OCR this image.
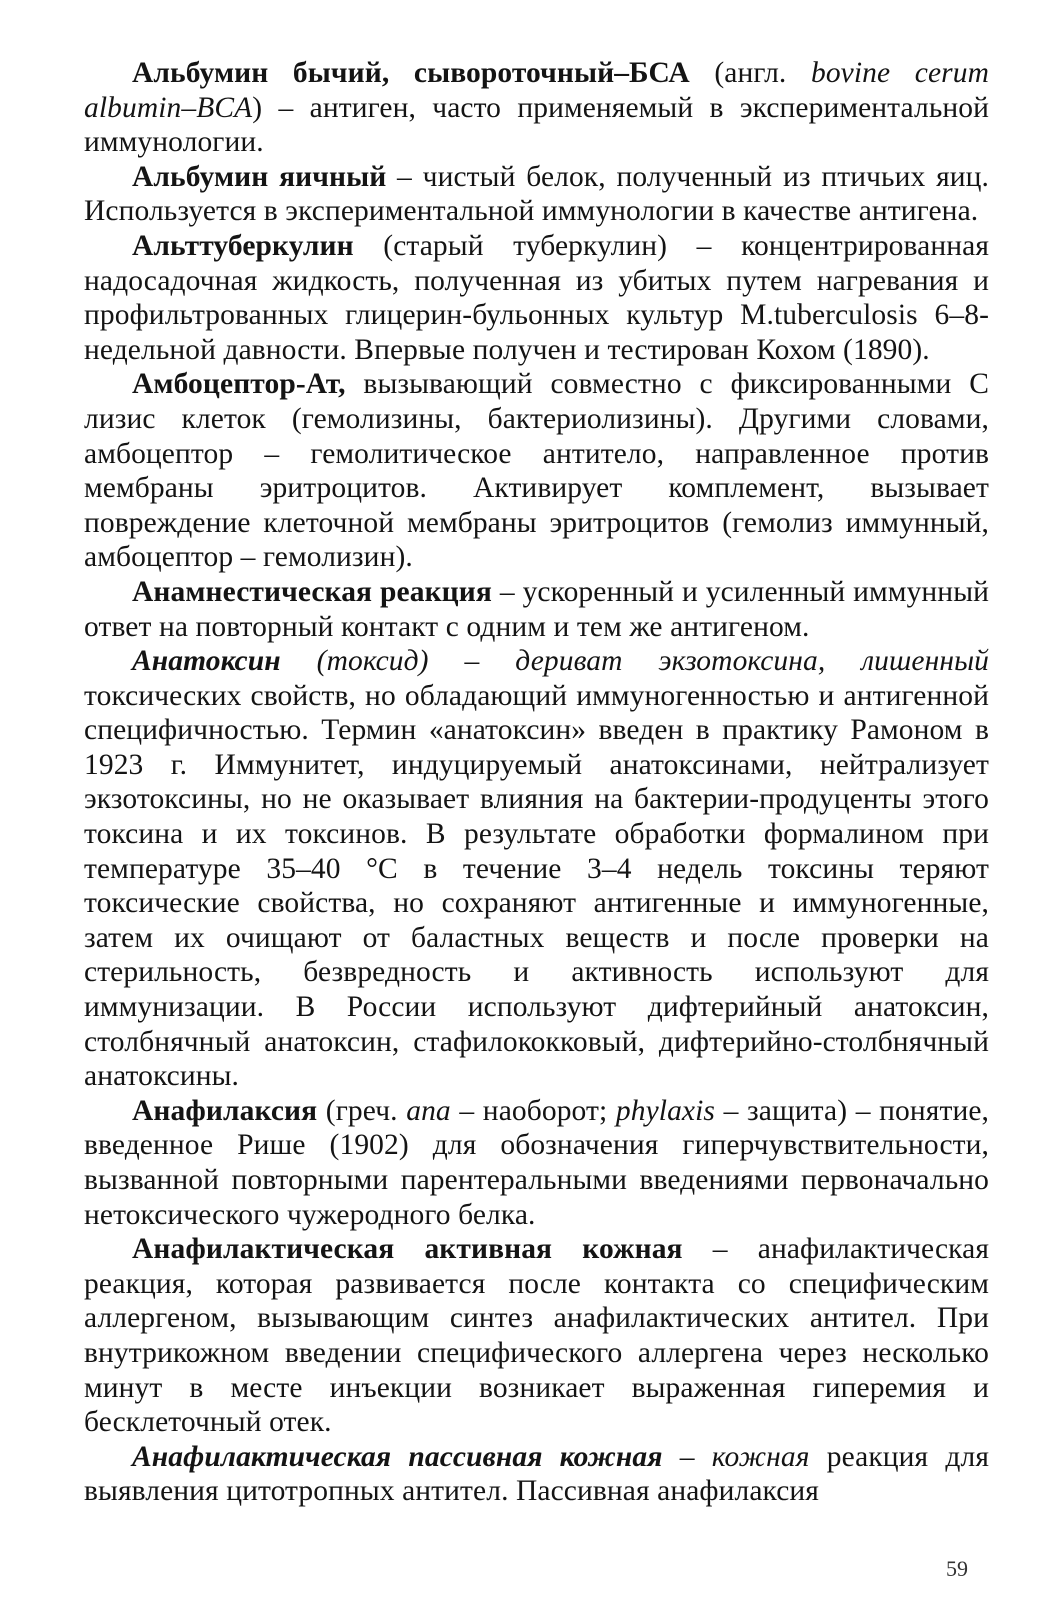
Альбумин бычий, сывороточный–БСА (англ. bovine cerum albumin–BCA) – антиген, часто применяемый в экспериментальной иммунологии.

Альбумин яичный – чистый белок, полученный из птичьих яиц. Используется в экспериментальной иммунологии в качестве антигена.

Альттуберкулин (старый туберкулин) – концентрированная надосадочная жидкость, полученная из убитых путем нагревания и профильтрованных глицерин-бульонных культур M.tuberculosis 6–8-недельной давности. Впервые получен и тестирован Кохом (1890).

Амбоцептор-Ат, вызывающий совместно с фиксированными C лизис клеток (гемолизины, бактериолизины). Другими словами, амбоцептор – гемолитическое антитело, направленное против мембраны эритроцитов. Активирует комплемент, вызывает повреждение клеточной мембраны эритроцитов (гемолиз иммунный, амбоцептор – гемолизин).

Анамнестическая реакция – ускоренный и усиленный иммунный ответ на повторный контакт с одним и тем же антигеном.

Анатоксин (токсид) – дериват экзотоксина, лишенный токсических свойств, но обладающий иммуногенностью и антигенной специфичностью. Термин «анатоксин» введен в практику Рамоном в 1923 г. Иммунитет, индуцируемый анатоксинами, нейтрализует экзотоксины, но не оказывает влияния на бактерии-продуценты этого токсина и их токсинов. В результате обработки формалином при температуре 35–40 °С в течение 3–4 недель токсины теряют токсические свойства, но сохраняют антигенные и иммуногенные, затем их очищают от баластных веществ и после проверки на стерильность, безвредность и активность используют для иммунизации. В России используют дифтерийный анатоксин, столбнячный анатоксин, стафилококковый, дифтерийно-столбнячный анатоксины.

Анафилаксия (греч. ana – наоборот; phylaxis – защита) – понятие, введенное Рише (1902) для обозначения гиперчувствительности, вызванной повторными парентеральными введениями первоначально нетоксического чужеродного белка.

Анафилактическая активная кожная – анафилактическая реакция, которая развивается после контакта со специфическим аллергеном, вызывающим синтез анафилактических антител. При внутрикожном введении специфического аллергена через несколько минут в месте инъекции возникает выраженная гиперемия и бесклеточный отек.

Анафилактическая пассивная кожная – кожная реакция для выявления цитотропных антител. Пассивная анафилаксия

59
